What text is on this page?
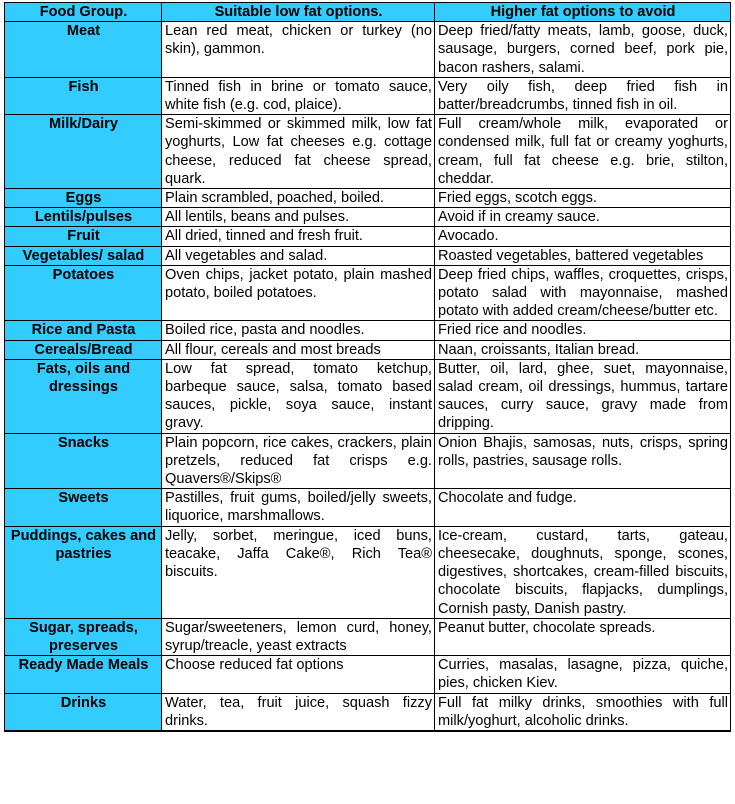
Food Group.	Suitable low fat options.	Higher fat options to avoid
Meat	Lean red meat, chicken or turkey (no skin), gammon.	Deep fried/fatty meats, lamb, goose, duck, sausage, burgers, corned beef, pork pie, bacon rashers, salami.
Fish	Tinned fish in brine or tomato sauce, white fish (e.g. cod, plaice).	Very oily fish, deep fried fish in batter/breadcrumbs, tinned fish in oil.
Milk/Dairy	Semi-skimmed or skimmed milk, low fat yoghurts, Low fat cheeses e.g. cottage cheese, reduced fat cheese spread, quark.	Full cream/whole milk, evaporated or condensed milk, full fat or creamy yoghurts, cream, full fat cheese e.g. brie, stilton, cheddar.
Eggs	Plain scrambled, poached, boiled.	Fried eggs, scotch eggs.
Lentils/pulses	All lentils, beans and pulses.	Avoid if in creamy sauce.
Fruit	All dried, tinned and fresh fruit.	Avocado.
Vegetables/ salad	All vegetables and salad.	Roasted vegetables, battered vegetables
Potatoes	Oven chips, jacket potato, plain mashed potato, boiled potatoes.	Deep fried chips, waffles, croquettes, crisps, potato salad with mayonnaise, mashed potato with added cream/cheese/butter etc.
Rice and Pasta	Boiled rice, pasta and noodles.	Fried rice and noodles.
Cereals/Bread	All flour, cereals and most breads	Naan, croissants, Italian bread.
Fats, oils and dressings	Low fat spread, tomato ketchup, barbeque sauce, salsa, tomato based sauces, pickle, soya sauce, instant gravy.	Butter, oil, lard, ghee, suet, mayonnaise, salad cream, oil dressings, hummus, tartare sauces, curry sauce, gravy made from dripping.
Snacks	Plain popcorn, rice cakes, crackers, plain pretzels, reduced fat crisps e.g. Quavers®/Skips®	Onion Bhajis, samosas, nuts, crisps, spring rolls, pastries, sausage rolls.
Sweets	Pastilles, fruit gums, boiled/jelly sweets, liquorice, marshmallows.	Chocolate and fudge.
Puddings, cakes and pastries	Jelly, sorbet, meringue, iced buns, teacake, Jaffa Cake®, Rich Tea® biscuits.	Ice-cream, custard, tarts, gateau, cheesecake, doughnuts, sponge, scones, digestives, shortcakes, cream-filled biscuits, chocolate biscuits, flapjacks, dumplings, Cornish pasty, Danish pastry.
Sugar, spreads, preserves	Sugar/sweeteners, lemon curd, honey, syrup/treacle, yeast extracts	Peanut butter, chocolate spreads.
Ready Made Meals	Choose reduced fat options	Curries, masalas, lasagne, pizza, quiche, pies, chicken Kiev.
Drinks	Water, tea, fruit juice, squash fizzy drinks.	Full fat milky drinks, smoothies with full milk/yoghurt, alcoholic drinks.
